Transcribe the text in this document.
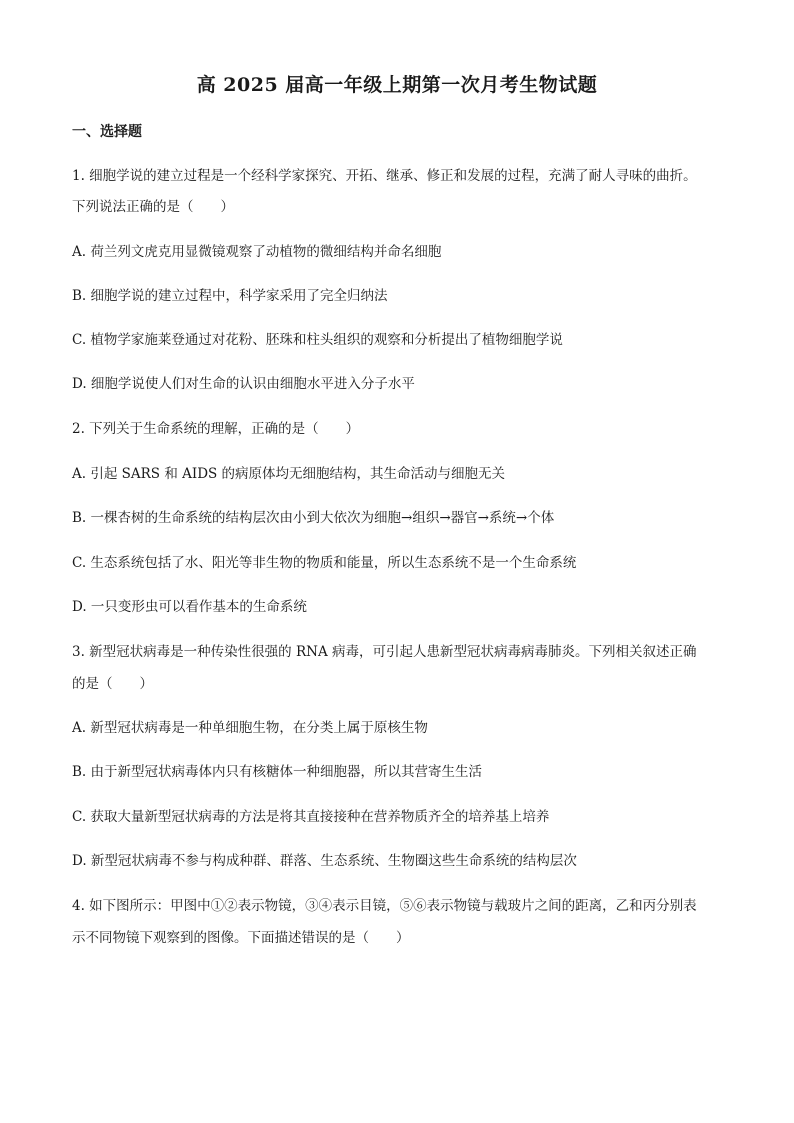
高 2025 届高一年级上期第一次月考生物试题
一、选择题
1. 细胞学说的建立过程是一个经科学家探究、开拓、继承、修正和发展的过程，充满了耐人寻味的曲折。
下列说法正确的是（　　）
A. 荷兰列文虎克用显微镜观察了动植物的微细结构并命名细胞
B. 细胞学说的建立过程中，科学家采用了完全归纳法
C. 植物学家施莱登通过对花粉、胚珠和柱头组织的观察和分析提出了植物细胞学说
D. 细胞学说使人们对生命的认识由细胞水平进入分子水平
2. 下列关于生命系统的理解，正确的是（　　）
A. 引起 SARS 和 AIDS 的病原体均无细胞结构，其生命活动与细胞无关
B. 一棵杏树的生命系统的结构层次由小到大依次为细胞→组织→器官→系统→个体
C. 生态系统包括了水、阳光等非生物的物质和能量，所以生态系统不是一个生命系统
D. 一只变形虫可以看作基本的生命系统
3. 新型冠状病毒是一种传染性很强的 RNA 病毒，可引起人患新型冠状病毒病毒肺炎。下列相关叙述正确
的是（　　）
A. 新型冠状病毒是一种单细胞生物，在分类上属于原核生物
B. 由于新型冠状病毒体内只有核糖体一种细胞器，所以其营寄生生活
C. 获取大量新型冠状病毒的方法是将其直接接种在营养物质齐全的培养基上培养
D. 新型冠状病毒不参与构成种群、群落、生态系统、生物圈这些生命系统的结构层次
4. 如下图所示：甲图中①②表示物镜，③④表示目镜，⑤⑥表示物镜与载玻片之间的距离，乙和丙分别表
示不同物镜下观察到的图像。下面描述错误的是（　　）
